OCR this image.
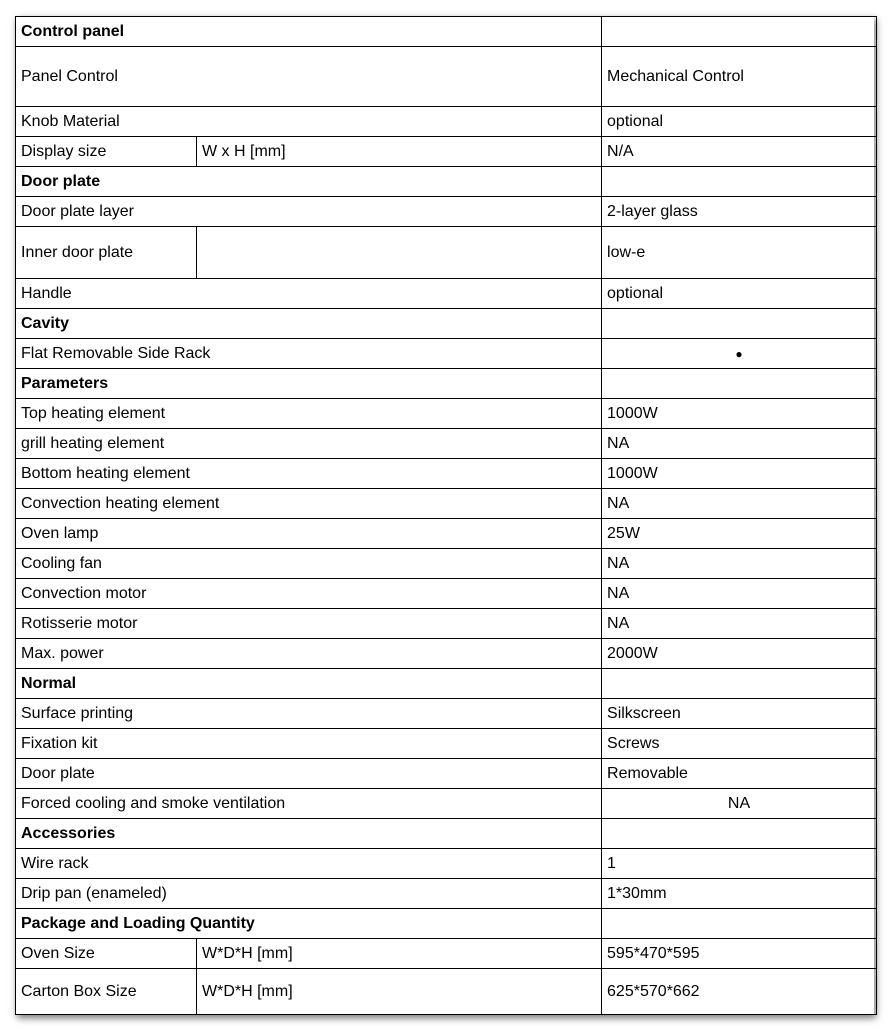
Control panel		
Panel Control		Mechanical Control
Knob Material		optional
Display size	W x H [mm]	N/A
Door plate		
Door plate layer		2-layer glass
Inner door plate		low-e
Handle		optional
Cavity		
Flat Removable Side Rack		●
Parameters		
Top heating element		1000W
grill heating element		NA
Bottom heating element		1000W
Convection heating element		NA
Oven lamp		25W
Cooling fan		NA
Convection motor		NA
Rotisserie motor		NA
Max. power		2000W
Normal		
Surface printing		Silkscreen
Fixation kit		Screws
Door plate		Removable
Forced cooling and smoke ventilation		NA
Accessories		
Wire rack		1
Drip pan (enameled)		1*30mm
Package and Loading Quantity		
Oven Size	W*D*H [mm]	595*470*595
Carton Box Size	W*D*H [mm]	625*570*662
